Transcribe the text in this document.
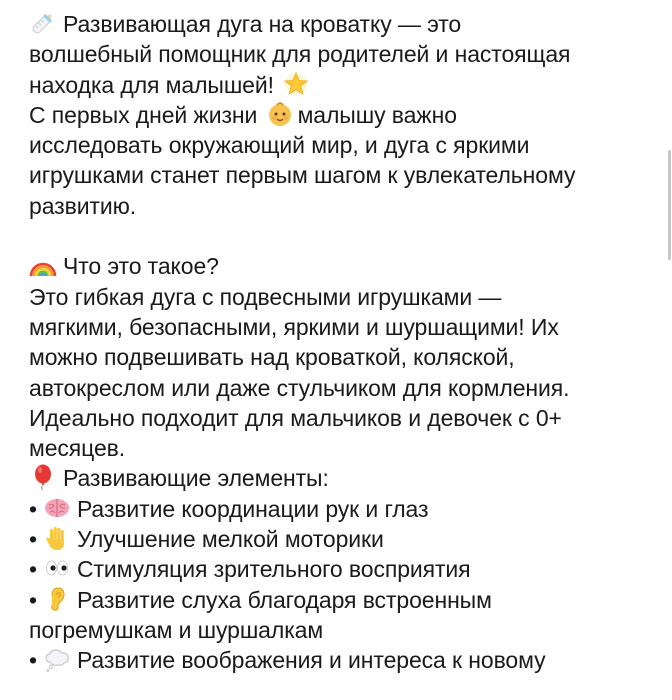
Развивающая дуга на кроватку — это
волшебный помощник для родителей и настоящая
находка для малышей!
С первых дней жизни малышу важно
исследовать окружающий мир, и дуга с яркими
игрушками станет первым шагом к увлекательному
развитию.
Что это такое?
Это гибкая дуга с подвесными игрушками —
мягкими, безопасными, яркими и шуршащими! Их
можно подвешивать над кроваткой, коляской,
автокреслом или даже стульчиком для кормления.
Идеально подходит для мальчиков и девочек с 0+
месяцев.
Развивающие элементы:
• Развитие координации рук и глаз
• Улучшение мелкой моторики
• Стимуляция зрительного восприятия
• Развитие слуха благодаря встроенным
погремушкам и шуршалкам
• Развитие воображения и интереса к новому
